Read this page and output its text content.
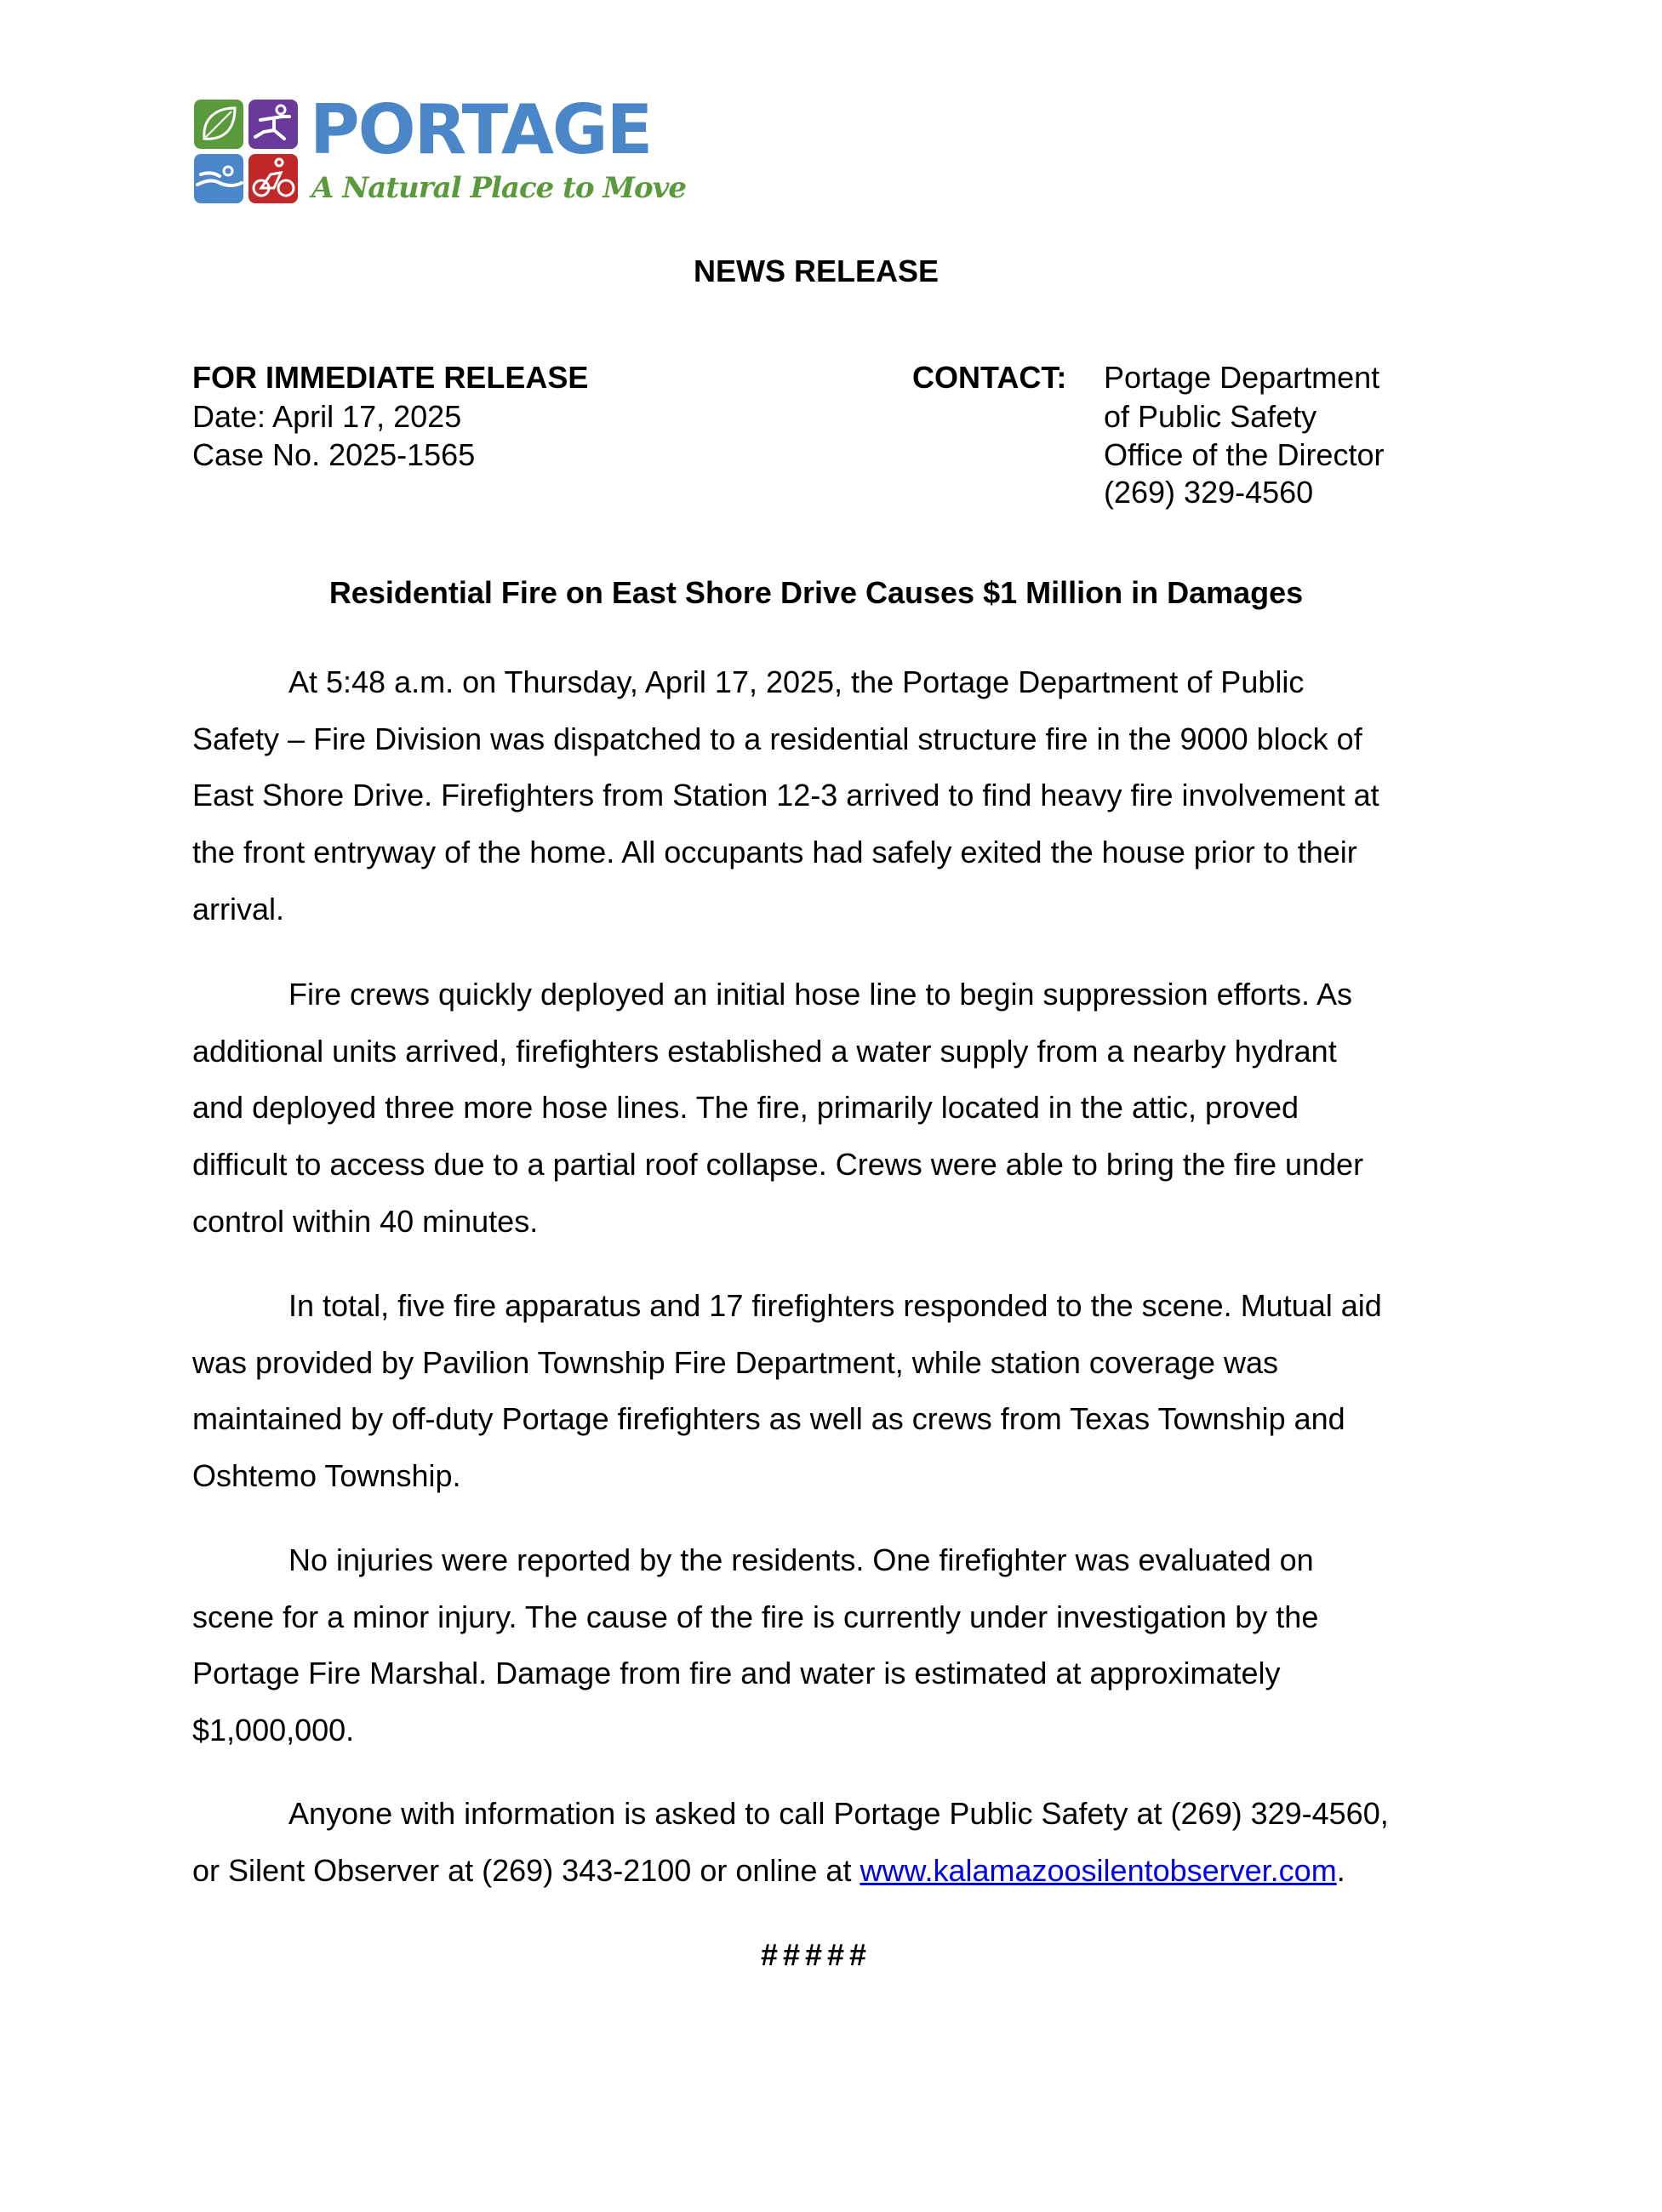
PORTAGE
A Natural Place to Move
NEWS RELEASE
FOR IMMEDIATE RELEASE
Date: April 17, 2025
Case No. 2025-1565
CONTACT: Portage Department
of Public Safety
Office of the Director
(269) 329-4560
Residential Fire on East Shore Drive Causes $1 Million in Damages
At 5:48 a.m. on Thursday, April 17, 2025, the Portage Department of Public
Safety – Fire Division was dispatched to a residential structure fire in the 9000 block of
East Shore Drive. Firefighters from Station 12-3 arrived to find heavy fire involvement at
the front entryway of the home. All occupants had safely exited the house prior to their
arrival.
Fire crews quickly deployed an initial hose line to begin suppression efforts. As
additional units arrived, firefighters established a water supply from a nearby hydrant
and deployed three more hose lines. The fire, primarily located in the attic, proved
difficult to access due to a partial roof collapse. Crews were able to bring the fire under
control within 40 minutes.
In total, five fire apparatus and 17 firefighters responded to the scene. Mutual aid
was provided by Pavilion Township Fire Department, while station coverage was
maintained by off-duty Portage firefighters as well as crews from Texas Township and
Oshtemo Township.
No injuries were reported by the residents. One firefighter was evaluated on
scene for a minor injury. The cause of the fire is currently under investigation by the
Portage Fire Marshal. Damage from fire and water is estimated at approximately
$1,000,000.
Anyone with information is asked to call Portage Public Safety at (269) 329-4560,
or Silent Observer at (269) 343-2100 or online at www.kalamazoosilentobserver.com.
#####
